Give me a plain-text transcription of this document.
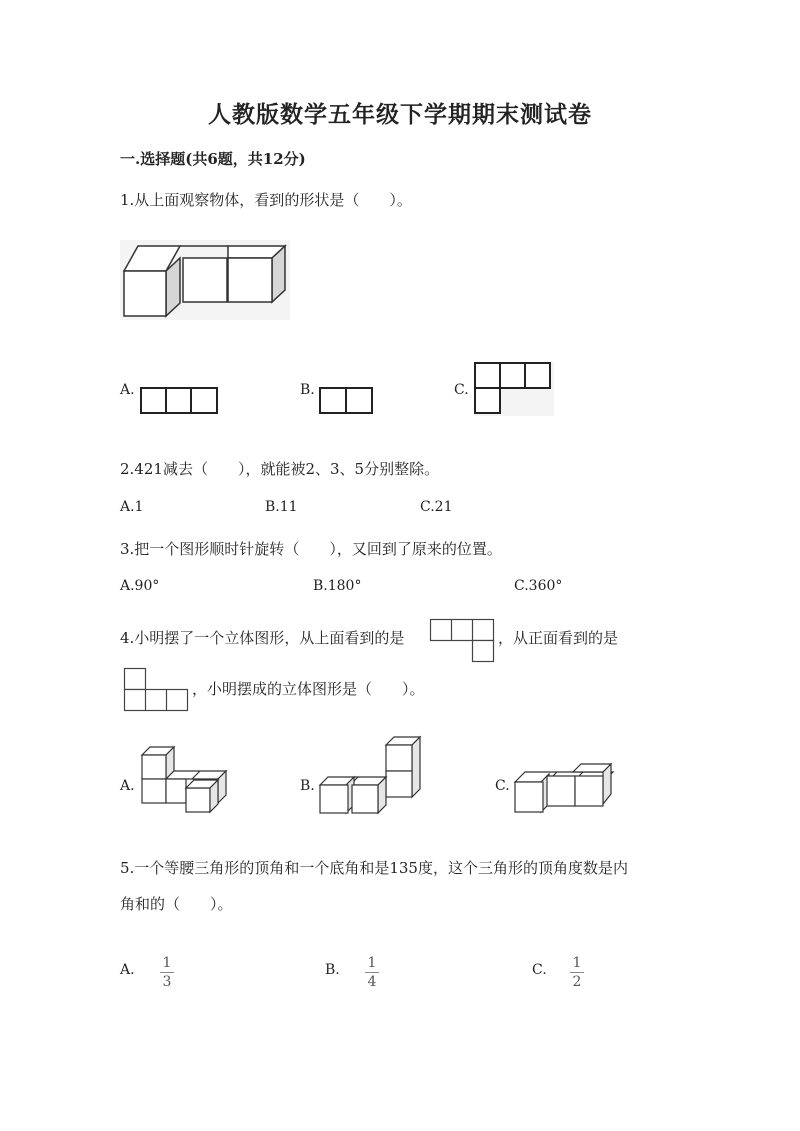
人教版数学五年级下学期期末测试卷
一.选择题(共6题，共12分)
1.从上面观察物体，看到的形状是（　　）。
A.	B.	C.
2.421减去（　　），就能被2、3、5分别整除。
A.1	B.11	C.21
3.把一个图形顺时针旋转（　　），又回到了原来的位置。
A.90°	B.180°	C.360°
4.小明摆了一个立体图形，从上面看到的是	，从正面看到的是
，小明摆成的立体图形是（　　）。
A.	B.	C.
5.一个等腰三角形的顶角和一个底角和是135度，这个三角形的顶角度数是内
角和的（　　）。
A.	1
3
B.	1
4
C.	1
2
